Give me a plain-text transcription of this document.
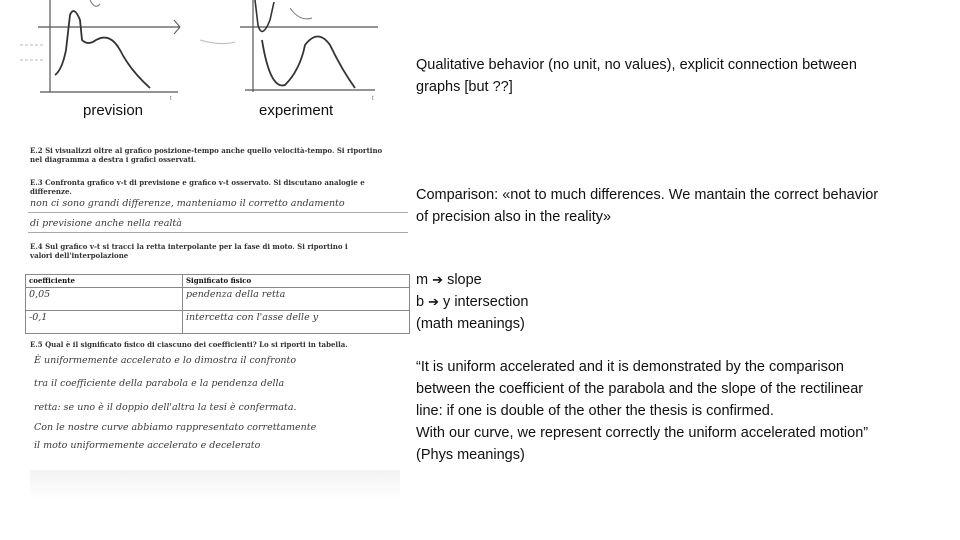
t
t
prevision	experiment
E.2 Si visualizzi oltre al grafico posizione-tempo anche quello velocità-tempo. Si riportino nel diagramma a destra i grafici osservati.
E.3 Confronta grafico v-t di previsione e grafico v-t osservato. Si discutano analogie e differenze.
non ci sono grandi differenze, manteniamo il corretto andamento
di previsione anche nella realtà
E.4 Sul grafico v-t si tracci la retta interpolante per la fase di moto. Si riportino i valori dell'interpolazione
coefficiente	Significato fisico
0,05	pendenza della retta
-0,1	intercetta con l'asse delle y
E.5 Qual è il significato fisico di ciascuno dei coefficienti? Lo si riporti in tabella.
È uniformemente accelerato e lo dimostra il confronto
tra il coefficiente della parabola e la pendenza della
retta: se uno è il doppio dell'altra la tesi è confermata.
Con le nostre curve abbiamo rappresentato correttamente
il moto uniformemente accelerato e decelerato
Qualitative behavior (no unit, no values), explicit connection between
graphs [but ??]
Comparison: «not to much differences. We mantain the correct behavior
of precision also in the reality»
m ➔ slope
b ➔ y intersection
(math meanings)
“It is uniform accelerated and it is demonstrated by the comparison
between the coefficient of the parabola and the slope of the rectilinear
line: if one is double of the other the thesis is confirmed.
With our curve, we represent correctly the uniform accelerated motion”
(Phys meanings)
